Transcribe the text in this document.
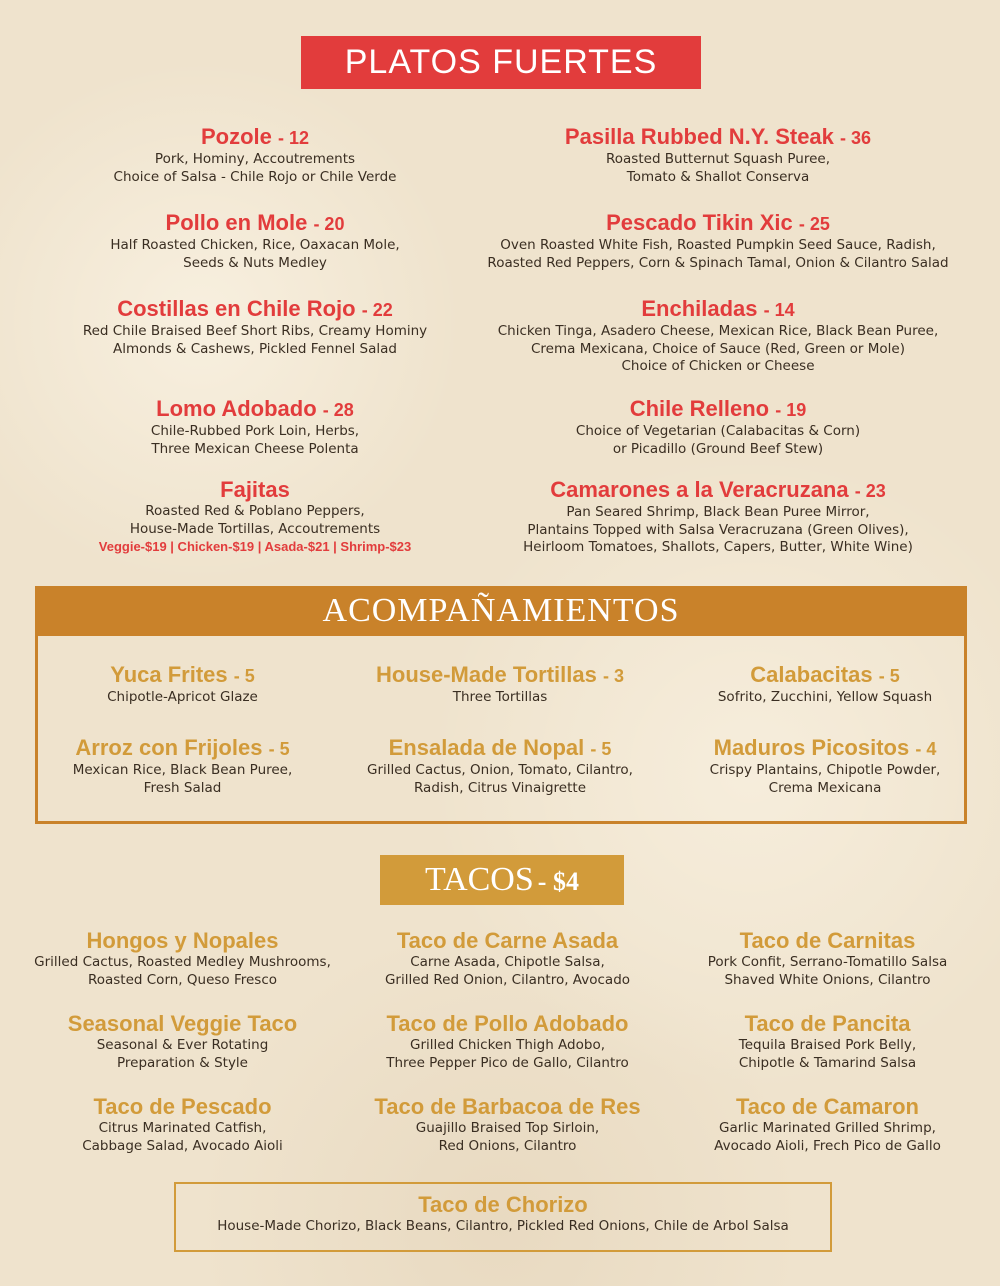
PLATOS FUERTES
Pozole - 12
Pork, Hominy, Accoutrements
Choice of Salsa - Chile Rojo or Chile Verde
Pollo en Mole - 20
Half Roasted Chicken, Rice, Oaxacan Mole,
Seeds & Nuts Medley
Costillas en Chile Rojo - 22
Red Chile Braised Beef Short Ribs, Creamy Hominy
Almonds & Cashews, Pickled Fennel Salad
Lomo Adobado - 28
Chile-Rubbed Pork Loin, Herbs,
Three Mexican Cheese Polenta
Fajitas
Roasted Red & Poblano Peppers,
House-Made Tortillas, Accoutrements
Veggie-$19 | Chicken-$19 | Asada-$21 | Shrimp-$23
Pasilla Rubbed N.Y. Steak - 36
Roasted Butternut Squash Puree,
Tomato & Shallot Conserva
Pescado Tikin Xic - 25
Oven Roasted White Fish, Roasted Pumpkin Seed Sauce, Radish,
Roasted Red Peppers, Corn & Spinach Tamal, Onion & Cilantro Salad
Enchiladas - 14
Chicken Tinga, Asadero Cheese, Mexican Rice, Black Bean Puree,
Crema Mexicana, Choice of Sauce (Red, Green or Mole)
Choice of Chicken or Cheese
Chile Relleno - 19
Choice of Vegetarian (Calabacitas & Corn)
or Picadillo (Ground Beef Stew)
Camarones a la Veracruzana - 23
Pan Seared Shrimp, Black Bean Puree Mirror,
Plantains Topped with Salsa Veracruzana (Green Olives),
Heirloom Tomatoes, Shallots, Capers, Butter, White Wine)
ACOMPAÑAMIENTOS
Yuca Frites - 5
Chipotle-Apricot Glaze
House-Made Tortillas - 3
Three Tortillas
Calabacitas - 5
Sofrito, Zucchini, Yellow Squash
Arroz con Frijoles - 5
Mexican Rice, Black Bean Puree,
Fresh Salad
Ensalada de Nopal - 5
Grilled Cactus, Onion, Tomato, Cilantro,
Radish, Citrus Vinaigrette
Maduros Picositos - 4
Crispy Plantains, Chipotle Powder,
Crema Mexicana
TACOS - $4
Hongos y Nopales
Grilled Cactus, Roasted Medley Mushrooms,
Roasted Corn, Queso Fresco
Taco de Carne Asada
Carne Asada, Chipotle Salsa,
Grilled Red Onion, Cilantro, Avocado
Taco de Carnitas
Pork Confit, Serrano-Tomatillo Salsa
Shaved White Onions, Cilantro
Seasonal Veggie Taco
Seasonal & Ever Rotating
Preparation & Style
Taco de Pollo Adobado
Grilled Chicken Thigh Adobo,
Three Pepper Pico de Gallo, Cilantro
Taco de Pancita
Tequila Braised Pork Belly,
Chipotle & Tamarind Salsa
Taco de Pescado
Citrus Marinated Catfish,
Cabbage Salad, Avocado Aioli
Taco de Barbacoa de Res
Guajillo Braised Top Sirloin,
Red Onions, Cilantro
Taco de Camaron
Garlic Marinated Grilled Shrimp,
Avocado Aioli, Frech Pico de Gallo
Taco de Chorizo
House-Made Chorizo, Black Beans, Cilantro, Pickled Red Onions, Chile de Arbol Salsa
